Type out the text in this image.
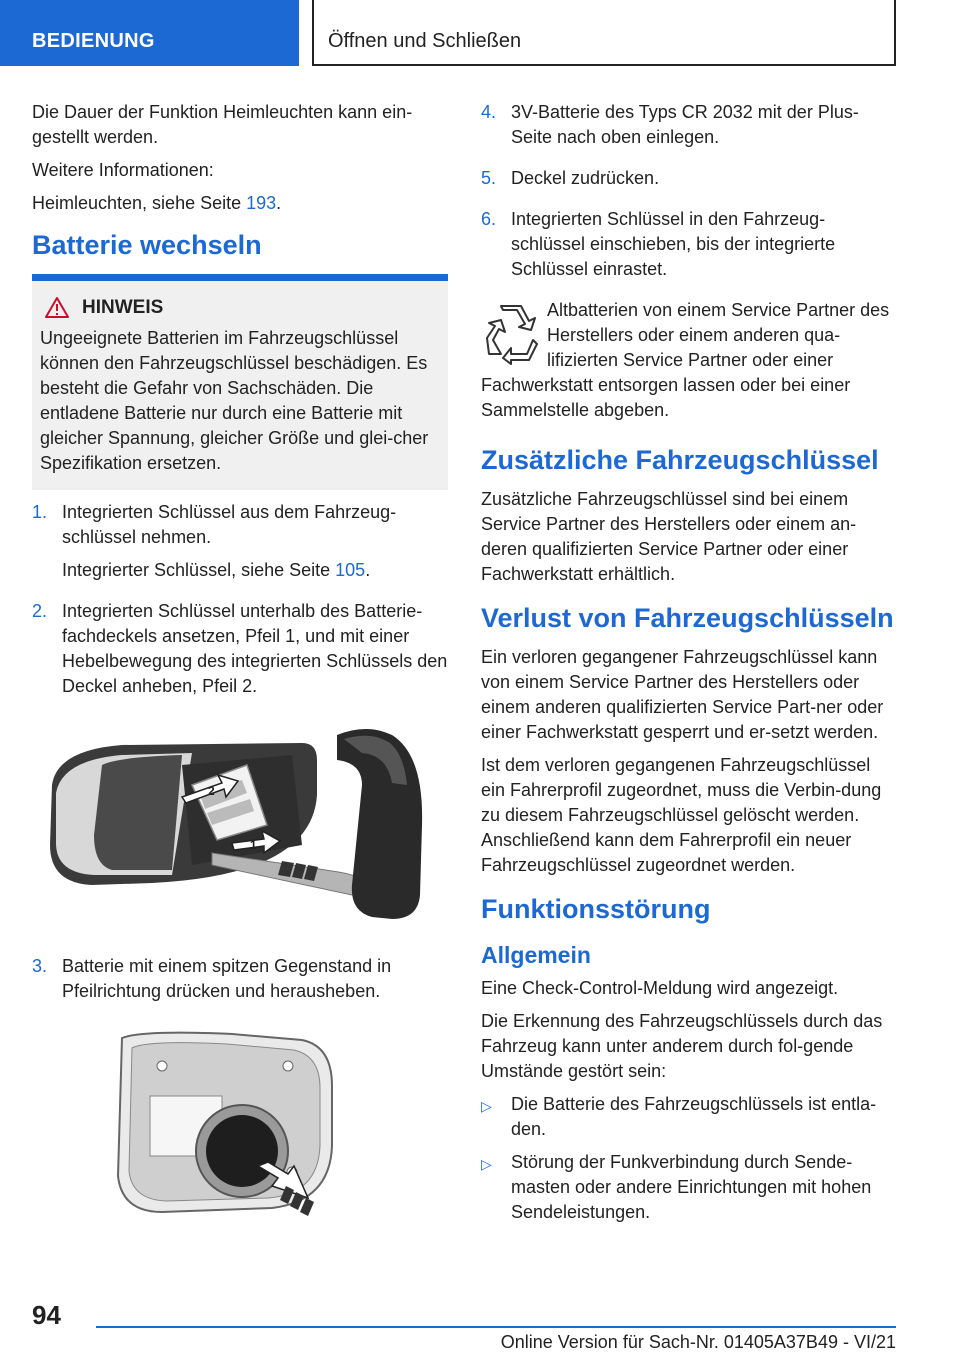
BEDIENUNG	Öffnen und Schließen

Die Dauer der Funktion Heimleuchten kann ein-gestellt werden.

Weitere Informationen:

Heimleuchten, siehe Seite 193.

Batterie wechseln
HINWEIS
Ungeeignete Batterien im Fahrzeugschlüssel können den Fahrzeugschlüssel beschädigen. Es besteht die Gefahr von Sachschäden. Die entladene Batterie nur durch eine Batterie mit gleicher Spannung, gleicher Größe und glei-cher Spezifikation ersetzen.
1. Integrierten Schlüssel aus dem Fahrzeug-schlüssel nehmen.

Integrierter Schlüssel, siehe Seite 105.

2. Integrierten Schlüssel unterhalb des Batterie-fachdeckels ansetzen, Pfeil 1, und mit einer Hebelbewegung des integrierten Schlüssels den Deckel anheben, Pfeil 2.

2
1
3. Batterie mit einem spitzen Gegenstand in Pfeilrichtung drücken und herausheben.

4. 3V-Batterie des Typs CR 2032 mit der Plus-Seite nach oben einlegen.

5. Deckel zudrücken.

6. Integrierten Schlüssel in den Fahrzeug-schlüssel einschieben, bis der integrierte Schlüssel einrastet.

Altbatterien von einem Service Partner des Herstellers oder einem anderen qua-lifizierten Service Partner oder einer Fachwerkstatt entsorgen lassen oder bei einer Sammelstelle abgeben.
Zusätzliche Fahrzeugschlüssel

Zusätzliche Fahrzeugschlüssel sind bei einem Service Partner des Herstellers oder einem an-deren qualifizierten Service Partner oder einer Fachwerkstatt erhältlich.

Verlust von Fahrzeugschlüsseln

Ein verloren gegangener Fahrzeugschlüssel kann von einem Service Partner des Herstellers oder einem anderen qualifizierten Service Part-ner oder einer Fachwerkstatt gesperrt und er-setzt werden.

Ist dem verloren gegangenen Fahrzeugschlüssel ein Fahrerprofil zugeordnet, muss die Verbin-dung zu diesem Fahrzeugschlüssel gelöscht werden. Anschließend kann dem Fahrerprofil ein neuer Fahrzeugschlüssel zugeordnet werden.

Funktionsstörung
Allgemein

Eine Check-Control-Meldung wird angezeigt.

Die Erkennung des Fahrzeugschlüssels durch das Fahrzeug kann unter anderem durch fol-gende Umstände gestört sein:

▷	Die Batterie des Fahrzeugschlüssels ist entla-den.
▷	Störung der Funkverbindung durch Sende-masten oder andere Einrichtungen mit hohen Sendeleistungen.
94
Online Version für Sach-Nr. 01405A37B49 - VI/21
